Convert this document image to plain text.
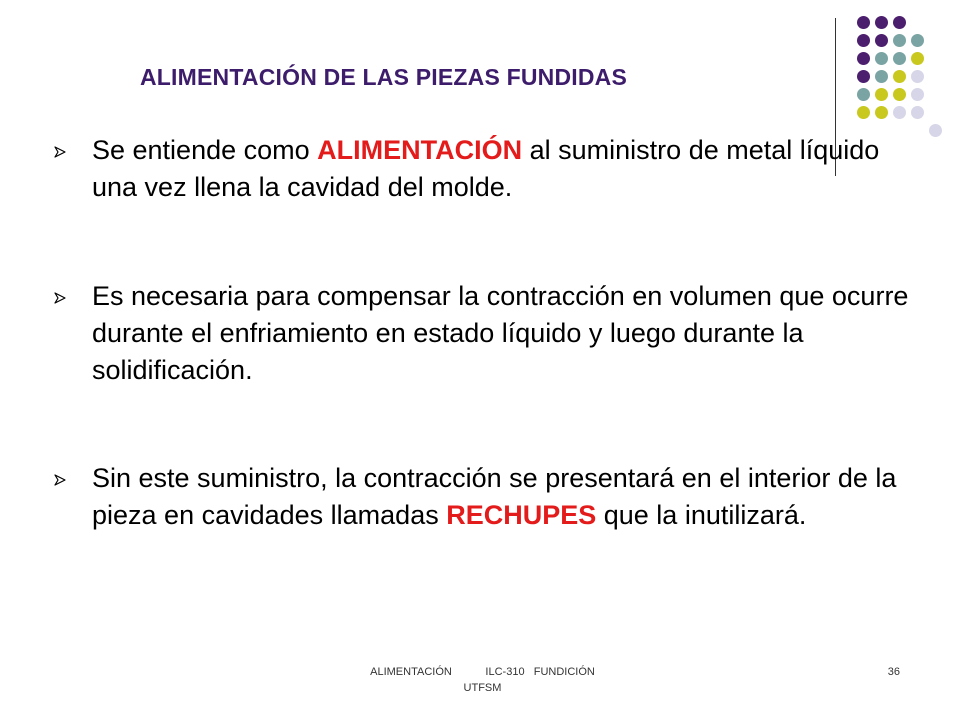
ALIMENTACIÓN DE LAS PIEZAS FUNDIDAS
Se entiende como ALIMENTACIÓN al suministro de metal líquido una vez llena la cavidad del molde.
Es necesaria para compensar la contracción en volumen que ocurre durante el enfriamiento en estado líquido y luego durante la solidificación.
Sin este suministro, la contracción se presentará en el interior de la pieza en cavidades llamadas RECHUPES que la inutilizará.
ALIMENTACIÓN           ILC-310   FUNDICIÓN
UTFSM
36
